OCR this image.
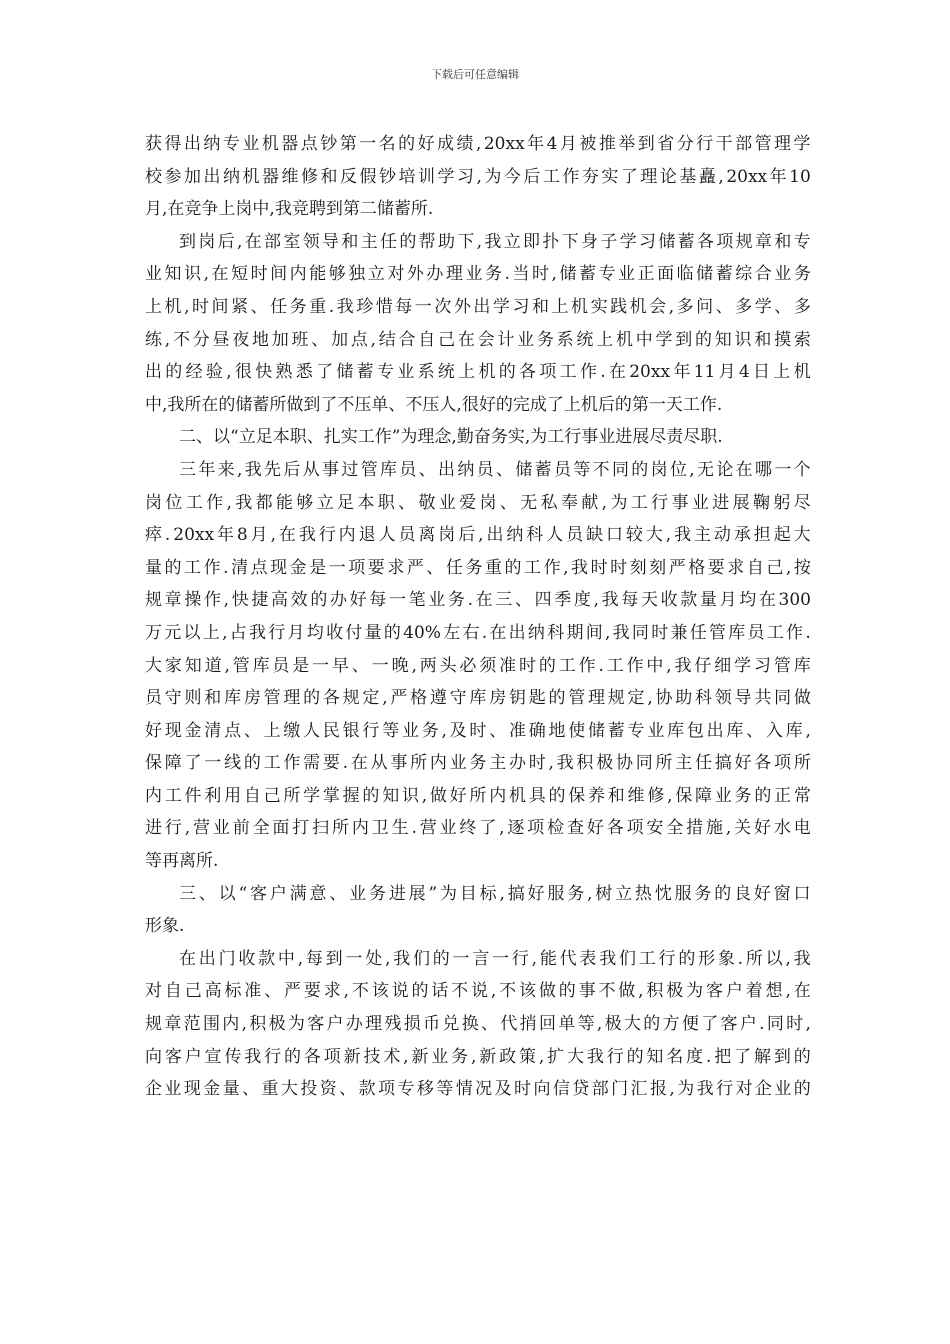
下载后可任意编辑
获 得 出 纳 专 业 机 器 点 钞 第 一 名 的 好 成 绩 , 20xx 年 4 月 被 推 举 到 省 分 行 干 部 管 理 学
校 参 加 出 纳 机 器 维 修 和 反 假 钞 培 训 学 习 , 为 今 后 工 作 夯 实 了 理 论 基 矗 , 20xx 年 10
月 , 在 竞 争 上 岗 中 , 我 竞 聘 到 第 二 储 蓄 所 .
到 岗 后 , 在 部 室 领 导 和 主 任 的 帮 助 下 , 我 立 即 扑 下 身 子 学 习 储 蓄 各 项 规 章 和 专
业 知 识 , 在 短 时 间 内 能 够 独 立 对 外 办 理 业 务 . 当 时 , 储 蓄 专 业 正 面 临 储 蓄 综 合 业 务
上 机 , 时 间 紧 、 任 务 重 . 我 珍 惜 每 一 次 外 出 学 习 和 上 机 实 践 机 会 , 多 问 、 多 学 、 多
练 , 不 分 昼 夜 地 加 班 、 加 点 , 结 合 自 己 在 会 计 业 务 系 统 上 机 中 学 到 的 知 识 和 摸 索
出 的 经 验 , 很 快 熟 悉 了 储 蓄 专 业 系 统 上 机 的 各 项 工 作 . 在 20xx 年 11 月 4 日 上 机
中 , 我 所 在 的 储 蓄 所 做 到 了 不 压 单 、 不 压 人 , 很 好 的 完 成 了 上 机 后 的 第 一 天 工 作 .
二 、 以 “ 立 足 本 职 、 扎 实 工 作 ” 为 理 念 , 勤 奋 务 实 , 为 工 行 事 业 进 展 尽 责 尽 职 .
三 年 来 , 我 先 后 从 事 过 管 库 员 、 出 纳 员 、 储 蓄 员 等 不 同 的 岗 位 , 无 论 在 哪 一 个
岗 位 工 作 , 我 都 能 够 立 足 本 职 、 敬 业 爱 岗 、 无 私 奉 献 , 为 工 行 事 业 进 展 鞠 躬 尽
瘁 . 20xx 年 8 月 , 在 我 行 内 退 人 员 离 岗 后 , 出 纳 科 人 员 缺 口 较 大 , 我 主 动 承 担 起 大
量 的 工 作 . 清 点 现 金 是 一 项 要 求 严 、 任 务 重 的 工 作 , 我 时 时 刻 刻 严 格 要 求 自 己 , 按
规 章 操 作 , 快 捷 高 效 的 办 好 每 一 笔 业 务 . 在 三 、 四 季 度 , 我 每 天 收 款 量 月 均 在 300
万 元 以 上 , 占 我 行 月 均 收 付 量 的 40% 左 右 . 在 出 纳 科 期 间 , 我 同 时 兼 任 管 库 员 工 作 .
大 家 知 道 , 管 库 员 是 一 早 、 一 晚 , 两 头 必 须 准 时 的 工 作 . 工 作 中 , 我 仔 细 学 习 管 库
员 守 则 和 库 房 管 理 的 各 规 定 , 严 格 遵 守 库 房 钥 匙 的 管 理 规 定 , 协 助 科 领 导 共 同 做
好 现 金 清 点 、 上 缴 人 民 银 行 等 业 务 , 及 时 、 准 确 地 使 储 蓄 专 业 库 包 出 库 、 入 库 ,
保 障 了 一 线 的 工 作 需 要 . 在 从 事 所 内 业 务 主 办 时 , 我 积 极 协 同 所 主 任 搞 好 各 项 所
内 工 件 利 用 自 己 所 学 掌 握 的 知 识 , 做 好 所 内 机 具 的 保 养 和 维 修 , 保 障 业 务 的 正 常
进 行 , 营 业 前 全 面 打 扫 所 内 卫 生 . 营 业 终 了 , 逐 项 检 查 好 各 项 安 全 措 施 , 关 好 水 电
等 再 离 所 .
三 、 以 “ 客 户 满 意 、 业 务 进 展 ” 为 目 标 , 搞 好 服 务 , 树 立 热 忱 服 务 的 良 好 窗 口
形 象 .
在 出 门 收 款 中 , 每 到 一 处 , 我 们 的 一 言 一 行 , 能 代 表 我 们 工 行 的 形 象 . 所 以 , 我
对 自 己 高 标 准 、 严 要 求 , 不 该 说 的 话 不 说 , 不 该 做 的 事 不 做 , 积 极 为 客 户 着 想 , 在
规 章 范 围 内 , 积 极 为 客 户 办 理 残 损 币 兑 换 、 代 捎 回 单 等 , 极 大 的 方 便 了 客 户 . 同 时 ,
向 客 户 宣 传 我 行 的 各 项 新 技 术 , 新 业 务 , 新 政 策 , 扩 大 我 行 的 知 名 度 . 把 了 解 到 的
企 业 现 金 量 、 重 大 投 资 、 款 项 专 移 等 情 况 及 时 向 信 贷 部 门 汇 报 , 为 我 行 对 企 业 的
